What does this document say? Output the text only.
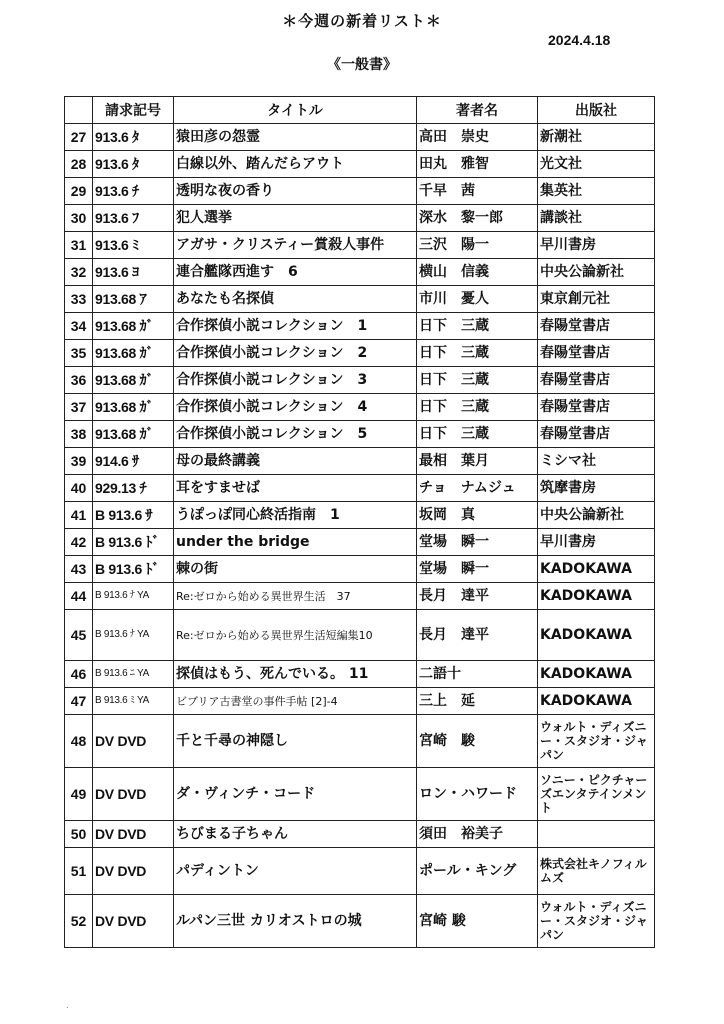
＊今週の新着リスト＊
2024.4.18
《一般書》
	請求記号	タイトル	著者名	出版社
27	913.6 ﾀ	猿田彦の怨霊	高田　崇史	新潮社
28	913.6 ﾀ	白線以外、踏んだらアウト	田丸　雅智	光文社
29	913.6 ﾁ	透明な夜の香り	千早　茜	集英社
30	913.6 ﾌ	犯人選挙	深水　黎一郎	講談社
31	913.6 ﾐ	アガサ・クリスティー賞殺人事件	三沢　陽一	早川書房
32	913.6 ﾖ	連合艦隊西進す　6	横山　信義	中央公論新社
33	913.68 ｱ	あなたも名探偵	市川　憂人	東京創元社
34	913.68 ｶﾞ	合作探偵小説コレクション　1	日下　三蔵	春陽堂書店
35	913.68 ｶﾞ	合作探偵小説コレクション　2	日下　三蔵	春陽堂書店
36	913.68 ｶﾞ	合作探偵小説コレクション　3	日下　三蔵	春陽堂書店
37	913.68 ｶﾞ	合作探偵小説コレクション　4	日下　三蔵	春陽堂書店
38	913.68 ｶﾞ	合作探偵小説コレクション　5	日下　三蔵	春陽堂書店
39	914.6 ｻ	母の最終講義	最相　葉月	ミシマ社
40	929.13 ﾁ	耳をすませば	チョ　ナムジュ	筑摩書房
41	B 913.6 ｻ	うぽっぽ同心終活指南　1	坂岡　真	中央公論新社
42	B 913.6 ﾄﾞ	under the bridge	堂場　瞬一	早川書房
43	B 913.6 ﾄﾞ	棘の街	堂場　瞬一	KADOKAWA
44	B 913.6 ﾅ YA	Re:ゼロから始める異世界生活　37	長月　達平	KADOKAWA
45	B 913.6 ﾅ YA	Re:ゼロから始める異世界生活短編集10	長月　達平	KADOKAWA
46	B 913.6 ﾆ YA	探偵はもう、死んでいる。 11	二語十	KADOKAWA
47	B 913.6 ﾐ YA	ビブリア古書堂の事件手帖 [2]-4	三上　延	KADOKAWA
48	DV DVD	千と千尋の神隠し	宮崎　駿	ウォルト・ディズニー・スタジオ・ジャパン
49	DV DVD	ダ・ヴィンチ・コード	ロン・ハワード	ソニー・ピクチャーズエンタテインメント
50	DV DVD	ちびまる子ちゃん	須田　裕美子	
51	DV DVD	パディントン	ポール・キング	株式会社キノフィルムズ
52	DV DVD	ルパン三世 カリオストロの城	宮崎 駿	ウォルト・ディズニー・スタジオ・ジャパン
.
